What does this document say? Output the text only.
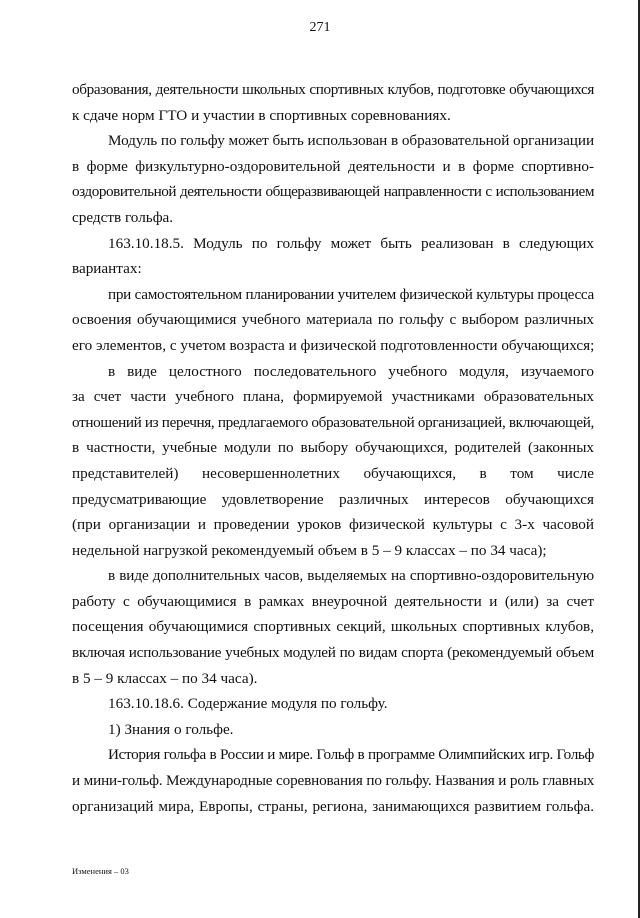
271
образования, деятельности школьных спортивных клубов, подготовке обучающихся
к сдаче норм ГТО и участии в спортивных соревнованиях.
Модуль по гольфу может быть использован в образовательной организации
в форме физкультурно-оздоровительной деятельности и в форме спортивно-
оздоровительной деятельности общеразвивающей направленности с использованием
средств гольфа.
163.10.18.5. Модуль по гольфу может быть реализован в следующих
вариантах:
при самостоятельном планировании учителем физической культуры процесса
освоения обучающимися учебного материала по гольфу с выбором различных
его элементов, с учетом возраста и физической подготовленности обучающихся;
в виде целостного последовательного учебного модуля, изучаемого
за счет части учебного плана, формируемой участниками образовательных
отношений из перечня, предлагаемого образовательной организацией, включающей,
в частности, учебные модули по выбору обучающихся, родителей (законных
представителей) несовершеннолетних обучающихся, в том числе
предусматривающие удовлетворение различных интересов обучающихся
(при организации и проведении уроков физической культуры с 3-х часовой
недельной нагрузкой рекомендуемый объем в 5 – 9 классах – по 34 часа);
в виде дополнительных часов, выделяемых на спортивно-оздоровительную
работу с обучающимися в рамках внеурочной деятельности и (или) за счет
посещения обучающимися спортивных секций, школьных спортивных клубов,
включая использование учебных модулей по видам спорта (рекомендуемый объем
в 5 – 9 классах – по 34 часа).
163.10.18.6. Содержание модуля по гольфу.
1) Знания о гольфе.
История гольфа в России и мире. Гольф в программе Олимпийских игр. Гольф
и мини-гольф. Международные соревнования по гольфу. Названия и роль главных
организаций мира, Европы, страны, региона, занимающихся развитием гольфа.
Изменения – 03
